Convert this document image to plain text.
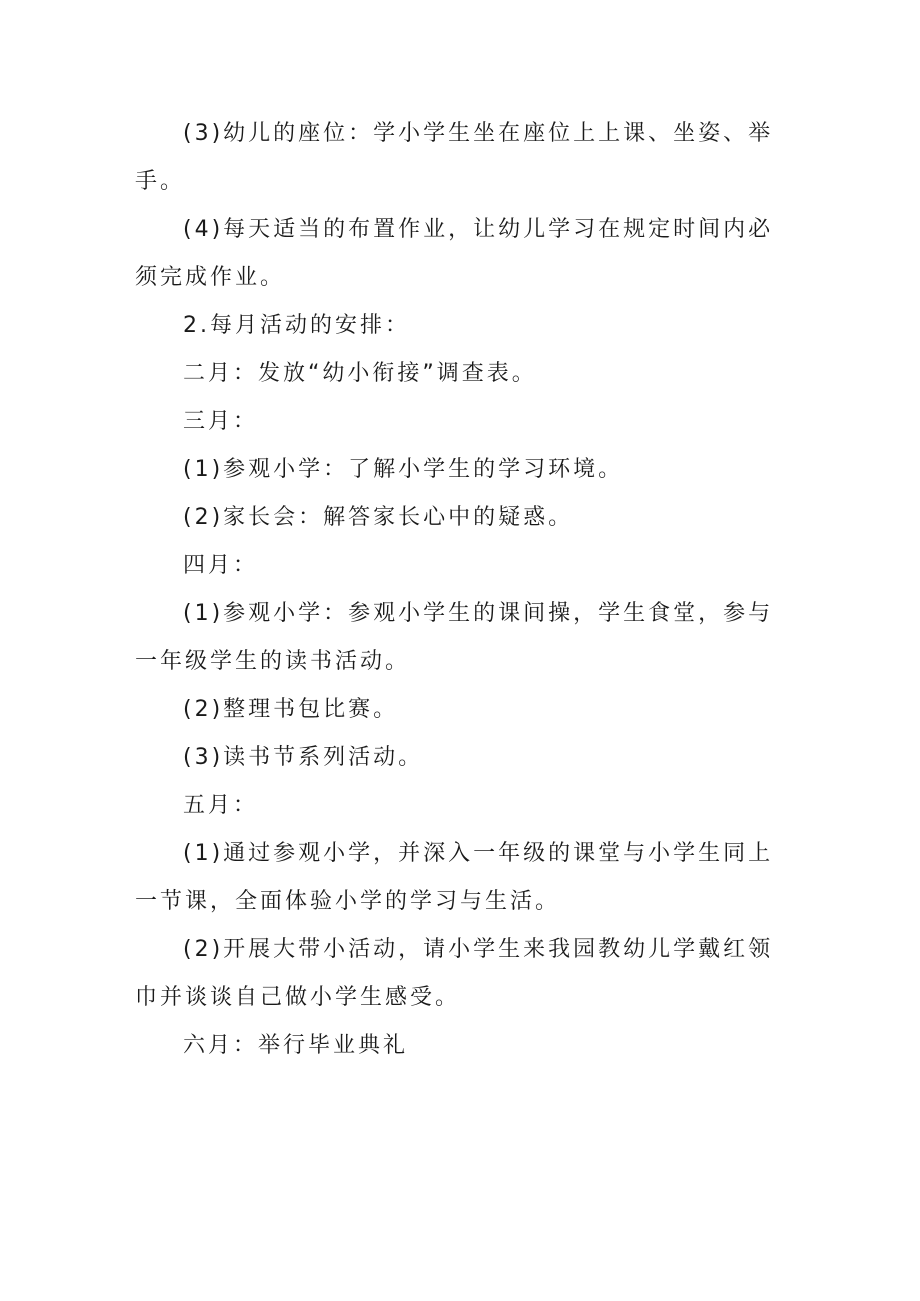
(3)幼儿的座位：学小学生坐在座位上上课、坐姿、举手。

(4)每天适当的布置作业，让幼儿学习在规定时间内必须完成作业。

2.每月活动的安排：

二月：发放“幼小衔接”调查表。

三月：

(1)参观小学：了解小学生的学习环境。

(2)家长会：解答家长心中的疑惑。

四月：

(1)参观小学：参观小学生的课间操，学生食堂，参与一年级学生的读书活动。

(2)整理书包比赛。

(3)读书节系列活动。

五月：

(1)通过参观小学，并深入一年级的课堂与小学生同上一节课，全面体验小学的学习与生活。

(2)开展大带小活动，请小学生来我园教幼儿学戴红领巾并谈谈自己做小学生感受。

六月：举行毕业典礼
